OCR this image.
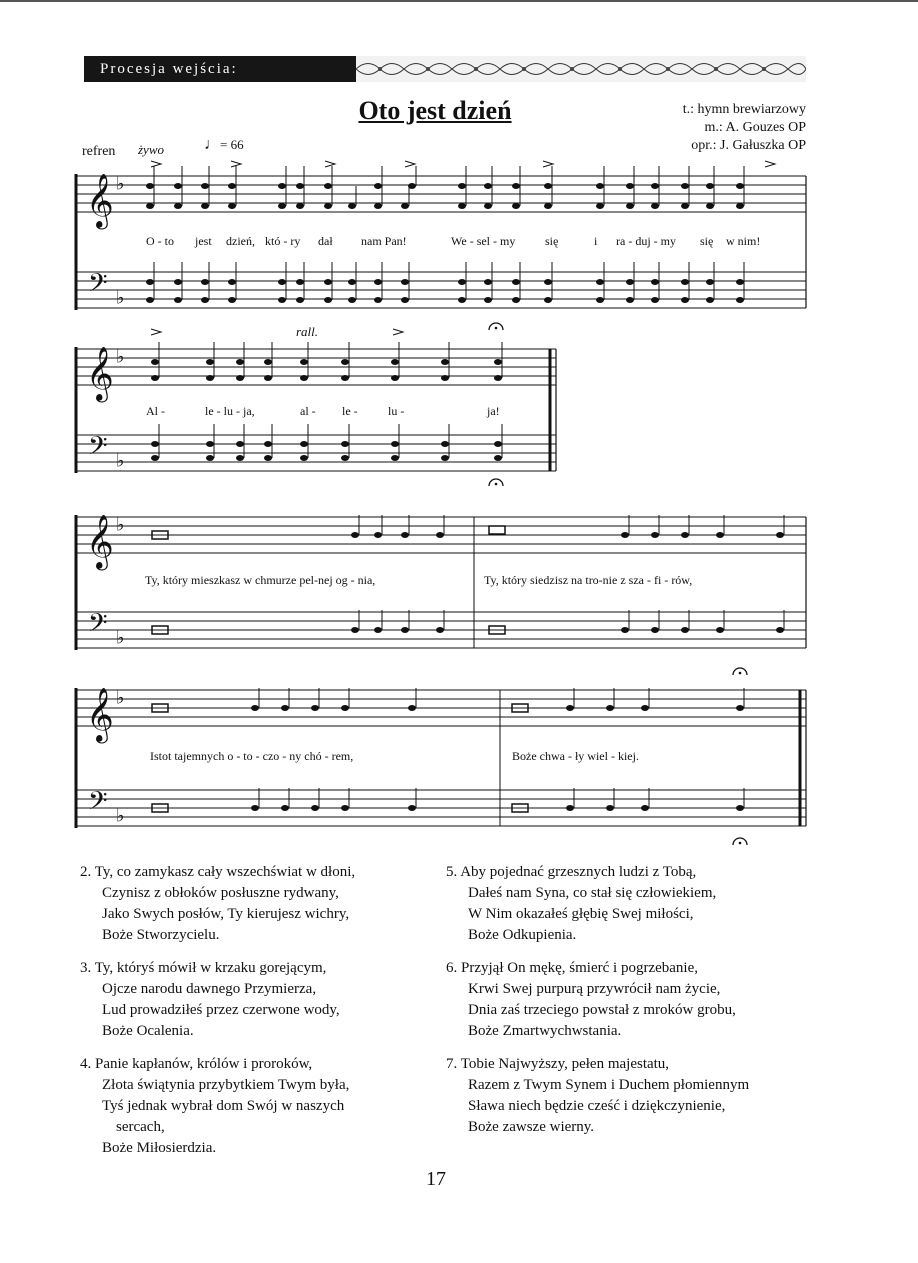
Procesja wejścia:
Oto jest dzień	t.: hymn brewiarzowy
m.: A. Gouzes OP
opr.: J. Gałuszka OP
refren żywo	♩= 66
𝄞
𝄢
♭
♭
𝄞
𝄢
♭
♭
𝄞
𝄢
♭
♭
𝄞
𝄢
♭
♭
O - to jest dzień, któ - ry dał nam Pan!	We - sel - my się	i ra - duj - my się w nim!
rall.
Al -	le - lu - ja,	al - le -	lu -	ja!
Ty, który mieszkasz w chmurze pel-nej og - nia,	Ty, który siedzisz na tro-nie z sza - fi - rów,
Istot tajemnych o - to - czo - ny chó - rem,	Boże chwa - ły wiel - kiej.
2. Ty, co zamykasz cały wszechświat w dłoni,
Czynisz z obłoków posłuszne rydwany,
Jako Swych posłów, Ty kierujesz wichry,
Boże Stworzycielu.
3. Ty, któryś mówił w krzaku gorejącym,
Ojcze narodu dawnego Przymierza,
Lud prowadziłeś przez czerwone wody,
Boże Ocalenia.
4. Panie kapłanów, królów i proroków,
Złota świątynia przybytkiem Twym była,
Tyś jednak wybrał dom Swój w naszych
sercach,
Boże Miłosierdzia.
5. Aby pojednać grzesznych ludzi z Tobą,
Dałeś nam Syna, co stał się człowiekiem,
W Nim okazałeś głębię Swej miłości,
Boże Odkupienia.
6. Przyjął On mękę, śmierć i pogrzebanie,
Krwi Swej purpurą przywrócił nam życie,
Dnia zaś trzeciego powstał z mroków grobu,
Boże Zmartwychwstania.
7. Tobie Najwyższy, pełen majestatu,
Razem z Twym Synem i Duchem płomiennym
Sława niech będzie cześć i dziękczynienie,
Boże zawsze wierny.
17
